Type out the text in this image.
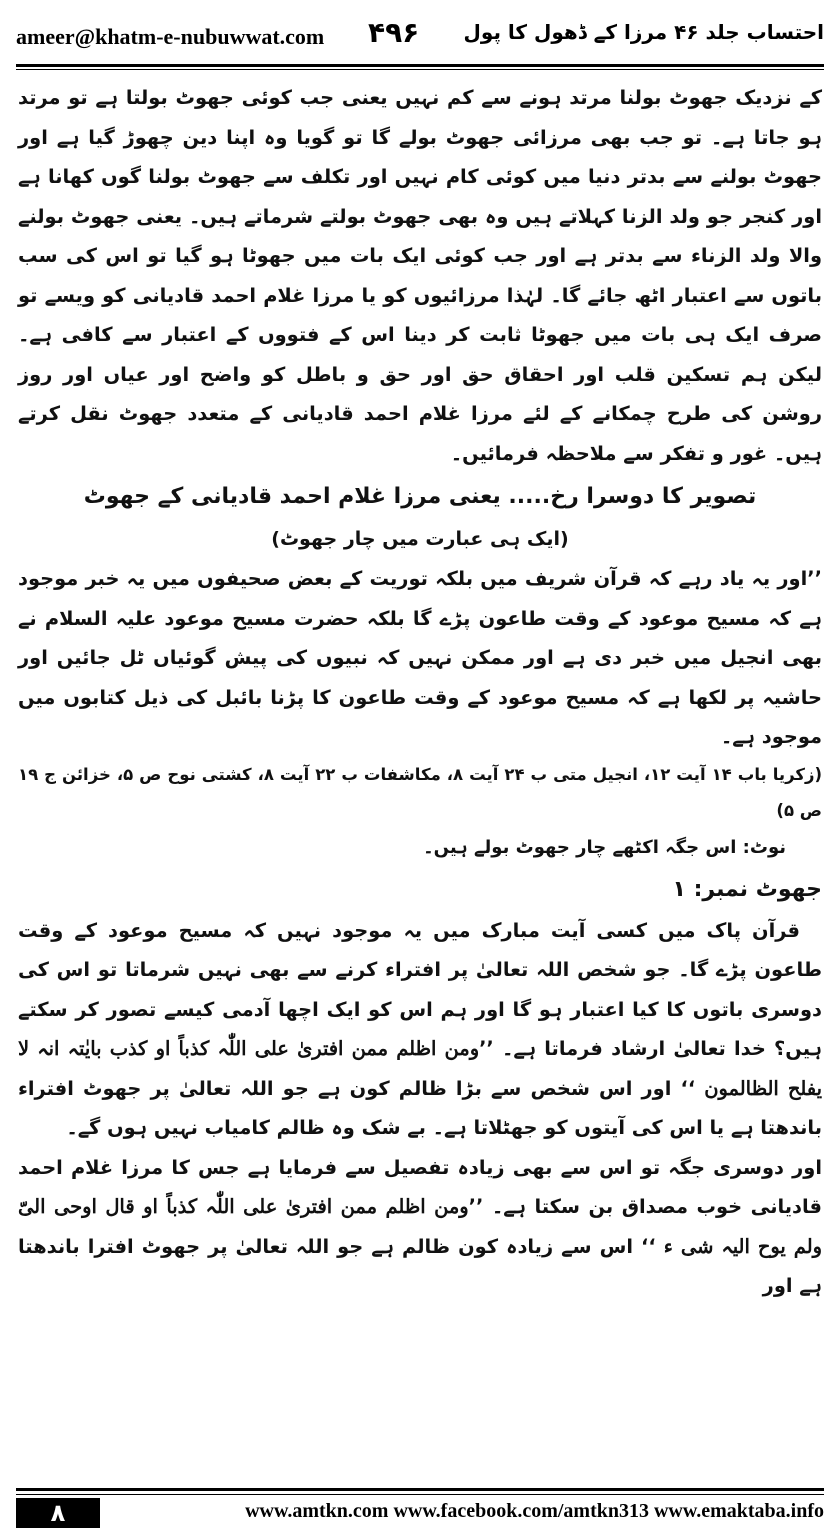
ameer@khatm-e-nubuwwat.com ۴۹۶ احتساب جلد ۴۶ مرزا کے ڈھول کا پول

کے نزدیک جھوٹ بولنا مرتد ہونے سے کم نہیں یعنی جب کوئی جھوٹ بولتا ہے تو مرتد ہو جاتا ہے۔ تو جب بھی مرزائی جھوٹ بولے گا تو گویا وہ اپنا دین چھوڑ گیا ہے اور جھوٹ بولنے سے بدتر دنیا میں کوئی کام نہیں اور تکلف سے جھوٹ بولنا گوں کھانا ہے اور کنجر جو ولد الزنا کہلاتے ہیں وہ بھی جھوٹ بولتے شرماتے ہیں۔ یعنی جھوٹ بولنے والا ولد الزناء سے بدتر ہے اور جب کوئی ایک بات میں جھوٹا ہو گیا تو اس کی سب باتوں سے اعتبار اٹھ جائے گا۔ لہٰذا مرزائیوں کو یا مرزا غلام احمد قادیانی کو ویسے تو صرف ایک ہی بات میں جھوٹا ثابت کر دینا اس کے فتووں کے اعتبار سے کافی ہے۔ لیکن ہم تسکین قلب اور احقاق حق اور حق و باطل کو واضح اور عیاں اور روز روشن کی طرح چمکانے کے لئے مرزا غلام احمد قادیانی کے متعدد جھوٹ نقل کرتے ہیں۔ غور و تفکر سے ملاحظہ فرمائیں۔

تصویر کا دوسرا رخ..... یعنی مرزا غلام احمد قادیانی کے جھوٹ
(ایک ہی عبارت میں چار جھوٹ)

’’اور یہ یاد رہے کہ قرآن شریف میں بلکہ توریت کے بعض صحیفوں میں یہ خبر موجود ہے کہ مسیح موعود کے وقت طاعون پڑے گا بلکہ حضرت مسیح موعود علیہ السلام نے بھی انجیل میں خبر دی ہے اور ممکن نہیں کہ نبیوں کی پیش گوئیاں ٹل جائیں اور حاشیہ پر لکھا ہے کہ مسیح موعود کے وقت طاعون کا پڑنا بائبل کی ذیل کتابوں میں موجود ہے۔

(زکریا باب ۱۴ آیت ۱۲، انجیل متی ب ۲۴ آیت ۸، مکاشفات ب ۲۲ آیت ۸، کشتی نوح ص ۵، خزائن ج ۱۹ ص ۵)

نوٹ: اس جگہ اکٹھے چار جھوٹ بولے ہیں۔

جھوٹ نمبر: ۱

قرآن پاک میں کسی آیت مبارک میں یہ موجود نہیں کہ مسیح موعود کے وقت طاعون پڑے گا۔ جو شخص اللہ تعالیٰ پر افتراء کرنے سے بھی نہیں شرماتا تو اس کی دوسری باتوں کا کیا اعتبار ہو گا اور ہم اس کو ایک اچھا آدمی کیسے تصور کر سکتے ہیں؟ خدا تعالیٰ ارشاد فرماتا ہے۔ ’’ومن اظلم ممن افتریٰ علی اللّٰہ کذباً او کذب بایٰتہ انہ لا یفلح الظالمون ‘‘ اور اس شخص سے بڑا ظالم کون ہے جو اللہ تعالیٰ پر جھوٹ افتراء باندھتا ہے یا اس کی آیتوں کو جھٹلاتا ہے۔ بے شک وہ ظالم کامیاب نہیں ہوں گے۔

اور دوسری جگہ تو اس سے بھی زیادہ تفصیل سے فرمایا ہے جس کا مرزا غلام احمد قادیانی خوب مصداق بن سکتا ہے۔ ’’ومن اظلم ممن افتریٰ علی اللّٰہ کذباً او قال اوحی الیّ ولم یوح الیہ شی ء ‘‘ اس سے زیادہ کون ظالم ہے جو اللہ تعالیٰ پر جھوٹ افترا باندھتا ہے اور

۸	www.amtkn.com www.facebook.com/amtkn313 www.emaktaba.info
